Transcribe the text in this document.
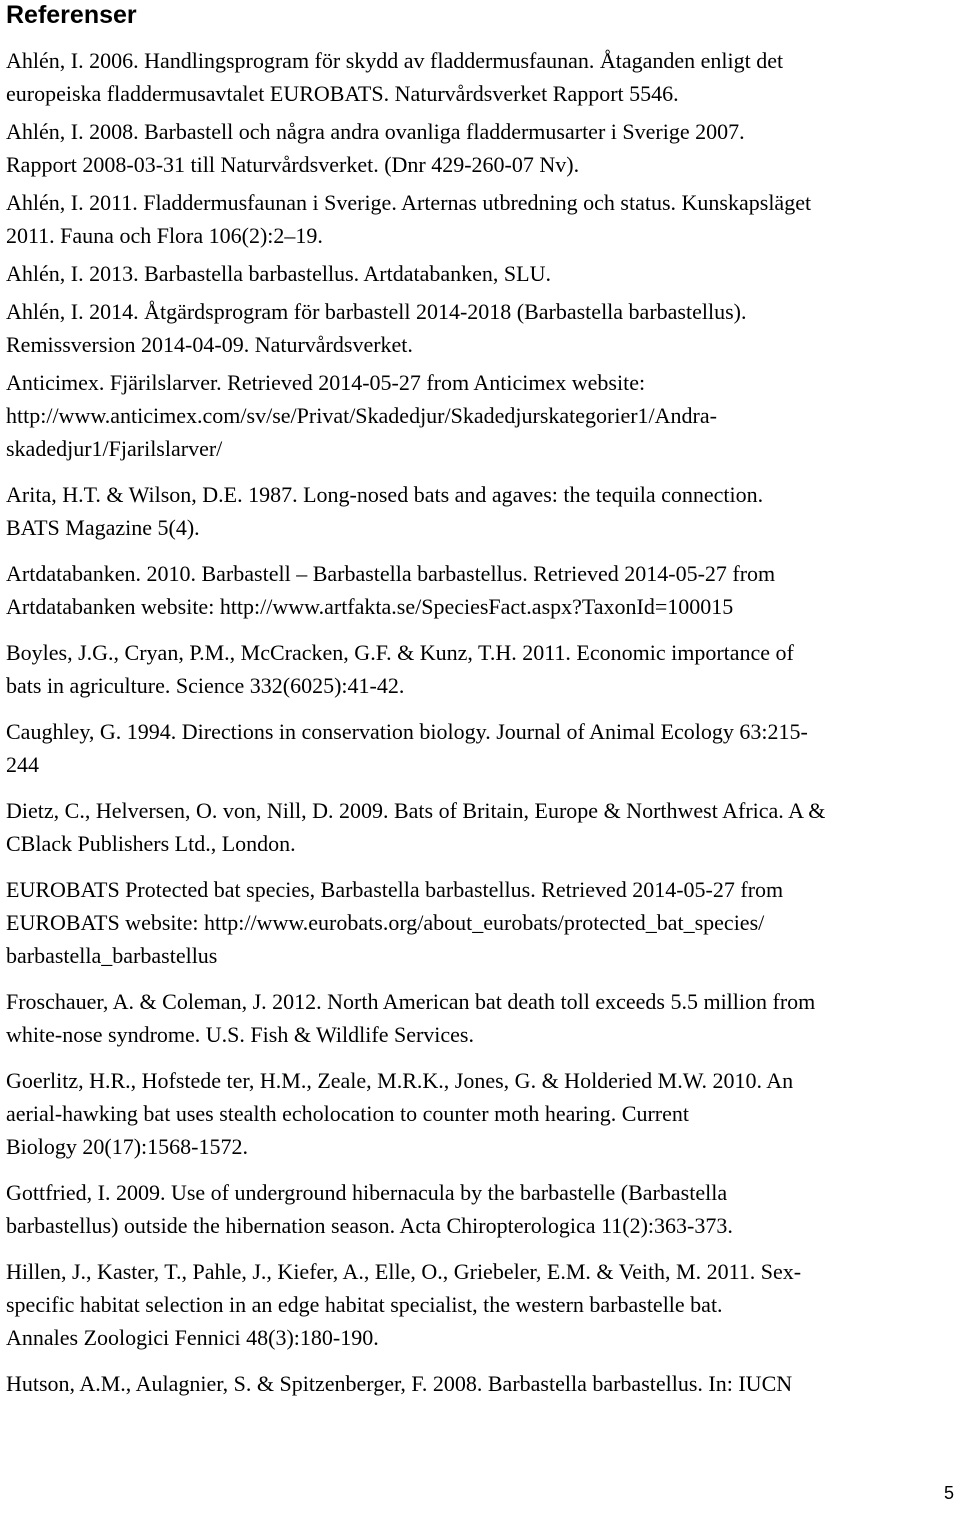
Referenser
Ahlén, I. 2006. Handlingsprogram för skydd av fladdermusfaunan. Åtaganden enligt det
europeiska fladdermusavtalet EUROBATS. Naturvårdsverket Rapport 5546.
Ahlén, I. 2008. Barbastell och några andra ovanliga fladdermusarter i Sverige 2007.
Rapport 2008-03-31 till Naturvårdsverket. (Dnr 429-260-07 Nv).
Ahlén, I. 2011. Fladdermusfaunan i Sverige. Arternas utbredning och status. Kunskapsläget
2011. Fauna och Flora 106(2):2–19.
Ahlén, I. 2013. Barbastella barbastellus. Artdatabanken, SLU.
Ahlén, I. 2014. Åtgärdsprogram för barbastell 2014-2018 (Barbastella barbastellus).
Remissversion 2014-04-09. Naturvårdsverket.
Anticimex. Fjärilslarver. Retrieved 2014-05-27 from Anticimex website:
http://www.anticimex.com/sv/se/Privat/Skadedjur/Skadedjurskategorier1/Andra-
skadedjur1/Fjarilslarver/
Arita, H.T. & Wilson, D.E. 1987. Long-nosed bats and agaves: the tequila connection.
BATS Magazine 5(4).
Artdatabanken. 2010. Barbastell – Barbastella barbastellus. Retrieved 2014-05-27 from
Artdatabanken website: http://www.artfakta.se/SpeciesFact.aspx?TaxonId=100015
Boyles, J.G., Cryan, P.M., McCracken, G.F. & Kunz, T.H. 2011. Economic importance of
bats in agriculture. Science 332(6025):41-42.
Caughley, G. 1994. Directions in conservation biology. Journal of Animal Ecology 63:215-
244
Dietz, C., Helversen, O. von, Nill, D. 2009. Bats of Britain, Europe & Northwest Africa. A &
CBlack Publishers Ltd., London.
EUROBATS Protected bat species, Barbastella barbastellus. Retrieved 2014-05-27 from
EUROBATS website: http://www.eurobats.org/about_eurobats/protected_bat_species/
barbastella_barbastellus
Froschauer, A. & Coleman, J. 2012. North American bat death toll exceeds 5.5 million from
white-nose syndrome. U.S. Fish & Wildlife Services.
Goerlitz, H.R., Hofstede ter, H.M., Zeale, M.R.K., Jones, G. & Holderied M.W. 2010. An
aerial-hawking bat uses stealth echolocation to counter moth hearing. Current
Biology 20(17):1568-1572.
Gottfried, I. 2009. Use of underground hibernacula by the barbastelle (Barbastella
barbastellus) outside the hibernation season. Acta Chiropterologica 11(2):363-373.
Hillen, J., Kaster, T., Pahle, J., Kiefer, A., Elle, O., Griebeler, E.M. & Veith, M. 2011. Sex-
specific habitat selection in an edge habitat specialist, the western barbastelle bat.
Annales Zoologici Fennici 48(3):180-190.
Hutson, A.M., Aulagnier, S. & Spitzenberger, F. 2008. Barbastella barbastellus. In: IUCN
5
